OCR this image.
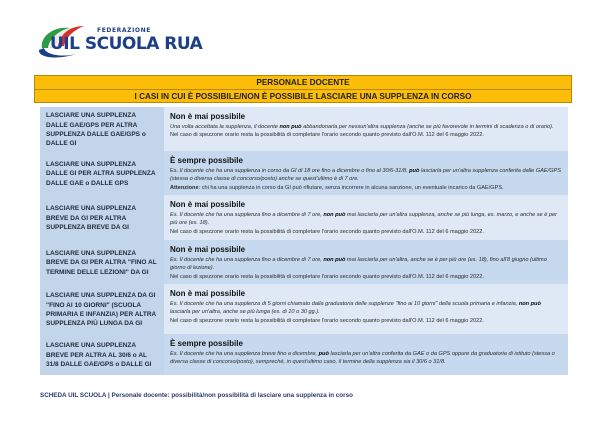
FEDERAZIONE
UIL SCUOLA RUA
PERSONALE DOCENTE
I CASI IN CUI È POSSIBILE/NON È POSSIBILE LASCIARE UNA SUPPLENZA IN CORSO
LASCIARE UNA SUPPLENZA DALLE GAE/GPS PER ALTRA SUPPLENZA DALLE GAE/GPS o DALLE GI
Non è mai possibile
Una volta accettata la supplenza, il docente non può abbandonarla per nessun'altra supplenza (anche se più favorevole in termini di scadenza o di orario).
Nel caso di spezzone orario resta la possibilità di completare l'orario secondo quanto previsto dall'O.M. 112 del 6 maggio 2022.
LASCIARE UNA SUPPLENZA DALLE GI PER ALTRA SUPPLENZA DALLE GAE o DALLE GPS
È sempre possibile
Es. Il docente che ha una supplenza in corso da GI di 18 ore fino a dicembre o fino al 30/6-31/8, può lasciarla per un'altra supplenza conferita dalle GAE/GPS (stessa o diversa classe di concorso/posto) anche se quest'ultimo è di 7 ore.
Attenzione: chi ha una supplenza in corso da GI può rifiutare, senza incorrere in alcuna sanzione, un eventuale incarico da GAE/GPS.
LASCIARE UNA SUPPLENZA BREVE DA GI PER ALTRA SUPPLENZA BREVE DA GI
Non è mai possibile
Es. Il docente che ha una supplenza fino a dicembre di 7 ore, non può mai lasciarla per un'altra supplenza, anche se più lunga, es. marzo, e anche se è per più ore (es. 18).
Nel caso di spezzone orario resta la possibilità di completare l'orario secondo quanto previsto dall'O.M. 112 del 6 maggio 2022.
LASCIARE UNA SUPPLENZA BREVE DA GI PER ALTRA "FINO AL TERMINE DELLE LEZIONI" DA GI
Non è mai possibile
Es. Il docente che ha una supplenza fino a dicembre di 7 ore, non può mai lasciarla per un'altra, anche se è per più ore (es. 18), fino all'8 giugno (ultimo giorno di lezione).
Nel caso di spezzone orario resta la possibilità di completare l'orario secondo quanto previsto dall'O.M. 112 del 6 maggio 2022.
LASCIARE UNA SUPPLENZA DA GI "FINO AI 10 GIORNI" (SCUOLA PRIMARIA E INFANZIA) PER ALTRA SUPPLENZA PIÙ LUNGA DA GI
Non è mai possibile
Es. Il docente che ha una supplenza di 5 giorni chiamato dalla graduatoria delle supplenze "fino ai 10 giorni" della scuola primaria e infanzia, non può lasciarla per un'altra, anche se più lunga (es. di 10 o 30 gg.).
Nel caso di spezzone orario resta la possibilità di completare l'orario secondo quanto previsto dall'O.M. 112 del 6 maggio 2022.
LASCIARE UNA SUPPLENZA BREVE PER ALTRA AL 30/6 o AL 31/8 DALLE GAE/GPS o DALLE GI
È sempre possibile
Es. Il docente che ha una supplenza breve fino a dicembre, può lasciarla per un'altra conferita da GAE o da GPS oppure da graduatoria di istituto (stessa o diversa classe di concorso/posto), sempreché, in quest'ultimo caso, il termine della supplenza sia il 30/6 o 31/8.
SCHEDA UIL SCUOLA | Personale docente: possibilità/non possibilità di lasciare una supplenza in corso
